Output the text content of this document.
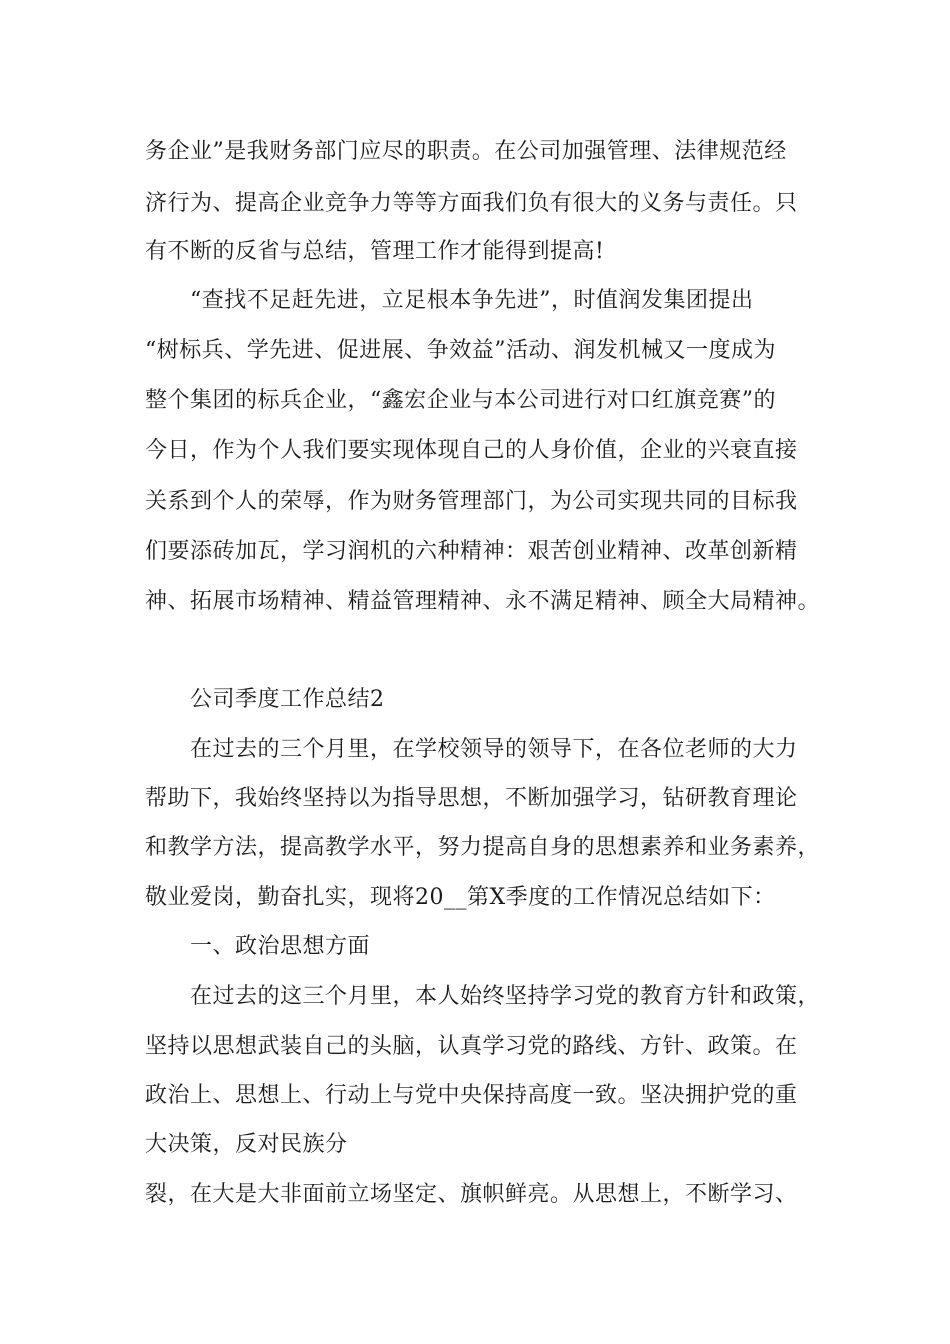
务企业”是我财务部门应尽的职责。在公司加强管理、法律规范经
济行为、提高企业竞争力等等方面我们负有很大的义务与责任。只
有不断的反省与总结，管理工作才能得到提高!
“查找不足赶先进，立足根本争先进”，时值润发集团提出
“树标兵、学先进、促进展、争效益”活动、润发机械又一度成为
整个集团的标兵企业，“鑫宏企业与本公司进行对口红旗竞赛”的
今日，作为个人我们要实现体现自己的人身价值，企业的兴衰直接
关系到个人的荣辱，作为财务管理部门，为公司实现共同的目标我
们要添砖加瓦，学习润机的六种精神：艰苦创业精神、改革创新精
神、拓展市场精神、精益管理精神、永不满足精神、顾全大局精神。
公司季度工作总结2
在过去的三个月里，在学校领导的领导下，在各位老师的大力
帮助下，我始终坚持以为指导思想，不断加强学习，钻研教育理论
和教学方法，提高教学水平，努力提高自身的思想素养和业务素养，
敬业爱岗，勤奋扎实，现将20__第X季度的工作情况总结如下：
一、政治思想方面
在过去的这三个月里，本人始终坚持学习党的教育方针和政策，
坚持以思想武装自己的头脑，认真学习党的路线、方针、政策。在
政治上、思想上、行动上与党中央保持高度一致。坚决拥护党的重
大决策，反对民族分
裂，在大是大非面前立场坚定、旗帜鲜亮。从思想上，不断学习、
